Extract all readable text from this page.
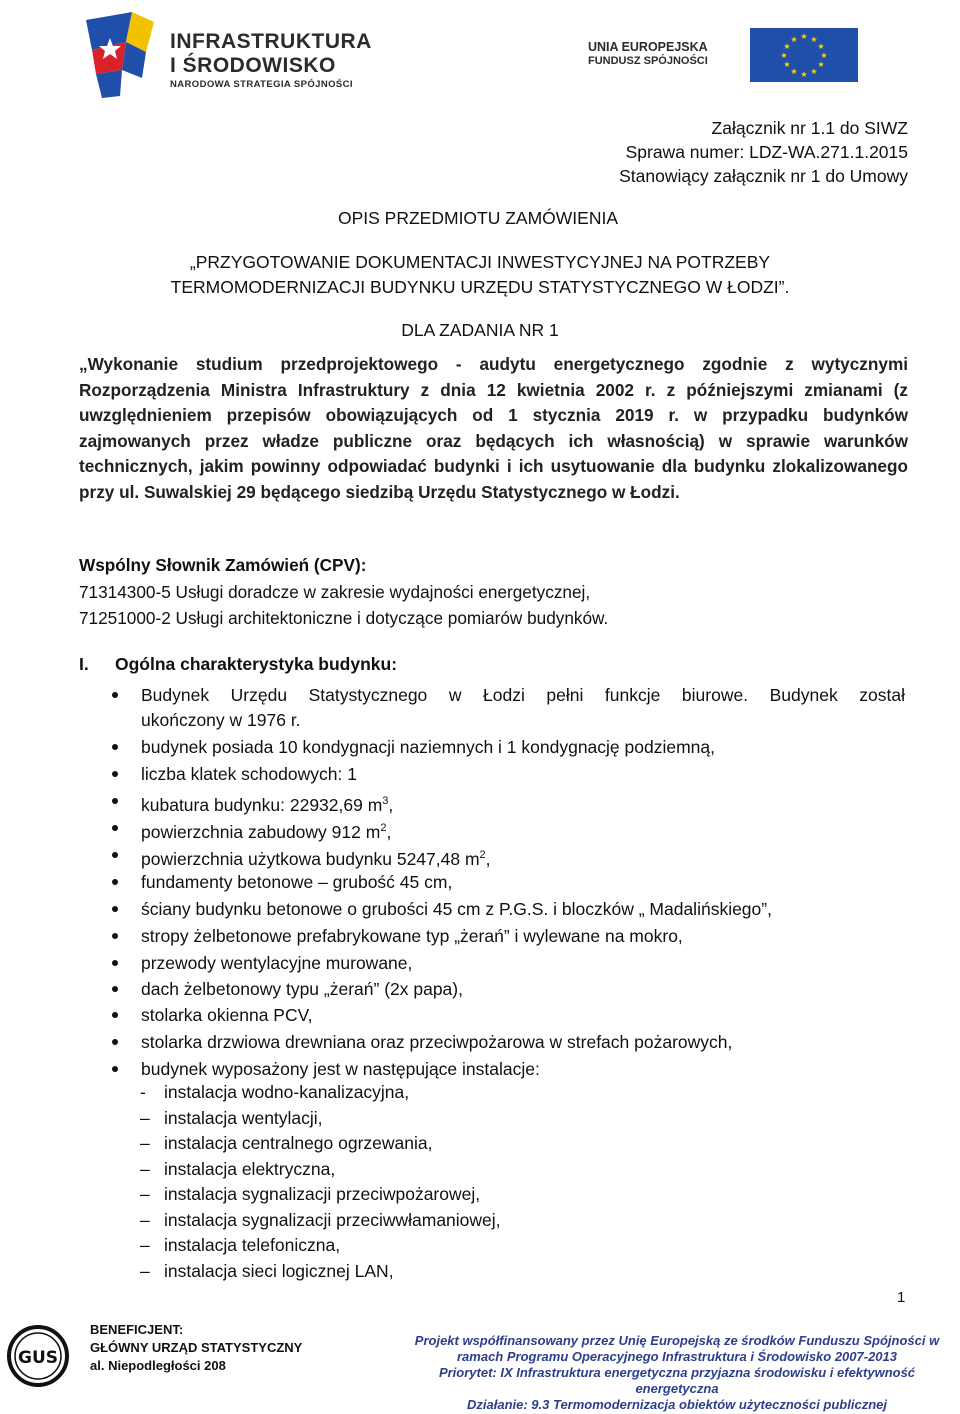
INFRASTRUKTURA
I ŚRODOWISKO
NARODOWA STRATEGIA SPÓJNOŚCI
UNIA EUROPEJSKA
FUNDUSZ SPÓJNOŚCI
★ ★
★
★
★
★
★
★
★
★
★
★
Załącznik nr 1.1 do SIWZ
Sprawa numer: LDZ-WA.271.1.2015
Stanowiący załącznik nr 1 do Umowy
OPIS PRZEDMIOTU ZAMÓWIENIA
„PRZYGOTOWANIE DOKUMENTACJI INWESTYCYJNEJ NA POTRZEBY
TERMOMODERNIZACJI BUDYNKU URZĘDU STATYSTYCZNEGO W ŁODZI”.
DLA ZADANIA NR 1
„Wykonanie studium przedprojektowego - audytu energetycznego zgodnie z wytycznymi Rozporządzenia Ministra Infrastruktury z dnia 12 kwietnia 2002 r. z późniejszymi zmianami (z uwzględnieniem przepisów obowiązujących od 1 stycznia 2019 r. w przypadku budynków zajmowanych przez władze publiczne oraz będących ich własnością) w sprawie warunków technicznych, jakim powinny odpowiadać budynki i ich usytuowanie dla budynku zlokalizowanego przy ul. Suwalskiej 29 będącego siedzibą Urzędu Statystycznego w Łodzi.
Wspólny Słownik Zamówień (CPV):
71314300-5 Usługi doradcze w zakresie wydajności energetycznej,
71251000-2 Usługi architektoniczne i dotyczące pomiarów budynków.
I. Ogólna charakterystyka budynku:
Budynek Urzędu Statystycznego w Łodzi pełni funkcje biurowe. Budynek został
ukończony w 1976 r.
budynek posiada 10 kondygnacji naziemnych i 1 kondygnację podziemną,
liczba klatek schodowych: 1
kubatura budynku: 22932,69 $m^3$,
powierzchnia zabudowy 912 $m^2$,
powierzchnia użytkowa budynku 5247,48 $m^2$,
fundamenty betonowe – grubość 45 cm,
ściany budynku betonowe o grubości 45 cm z P.G.S. i bloczków „ Madalińskiego”,
stropy żelbetonowe prefabrykowane typ „żerań” i wylewane na mokro,
przewody wentylacyjne murowane,
dach żelbetonowy typu „żerań” (2x papa),
stolarka okienna PCV,
stolarka drzwiowa drewniana oraz przeciwpożarowa w strefach pożarowych,
budynek wyposażony jest w następujące instalacje:
- instalacja wodno-kanalizacyjna,
– instalacja wentylacji,
– instalacja centralnego ogrzewania,
– instalacja elektryczna,
– instalacja sygnalizacji przeciwpożarowej,
– instalacja sygnalizacji przeciwwłamaniowej,
– instalacja telefoniczna,
– instalacja sieci logicznej LAN,
1
GUS
BENEFICJENT:
GŁÓWNY URZĄD STATYSTYCZNY
al. Niepodległości 208
Projekt współfinansowany przez Unię Europejską ze środków Funduszu Spójności w
ramach Programu Operacyjnego Infrastruktura i Środowisko 2007-2013
Priorytet: IX Infrastruktura energetyczna przyjazna środowisku i efektywność
energetyczna
Działanie: 9.3 Termomodernizacja obiektów użyteczności publicznej
